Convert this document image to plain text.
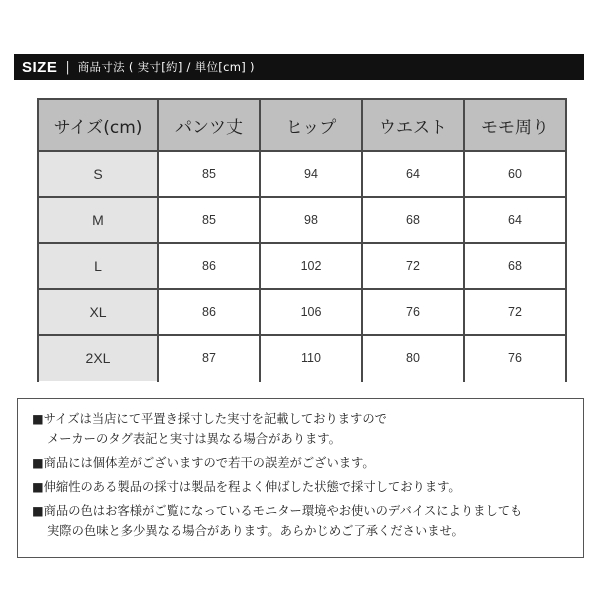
SIZE | 商品寸法 ( 実寸[約] / 単位[cm] )
サイズ(cm)	パンツ丈	ヒップ	ウエスト	モモ周り
S	85	94	64	60
M	85	98	68	64
L	86	102	72	68
XL	86	106	76	72
2XL	87	110	80	76
■サイズは当店にて平置き採寸した実寸を記載しておりますので
メーカーのタグ表記と実寸は異なる場合があります。
■商品には個体差がございますので若干の誤差がございます。
■伸縮性のある製品の採寸は製品を程よく伸ばした状態で採寸しております。
■商品の色はお客様がご覧になっているモニター環境やお使いのデバイスによりましても
実際の色味と多少異なる場合があります。あらかじめご了承くださいませ。
